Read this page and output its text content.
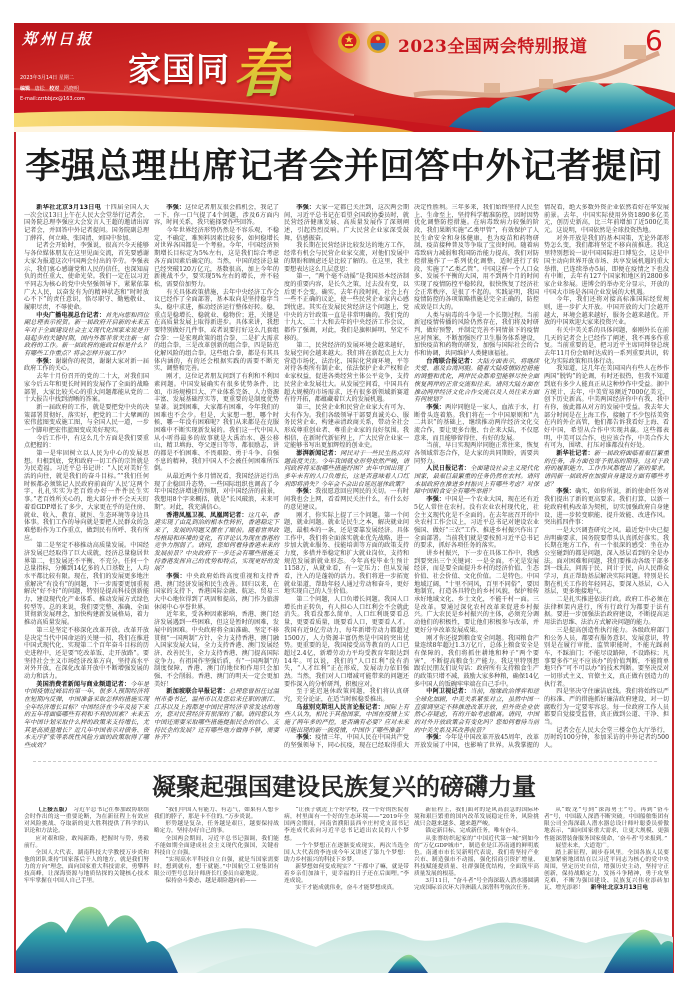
郑州日报
2023年3月14日 星期二
编辑 唐松 校对 冯晓明
E-mail:zzrbbjzx@163.com
家国同 春	2023全国两会特别报道 6
李强总理出席记者会并回答中外记者提问

新华社北京3月13日电 十四届全国人大一次会议13日上午在人民大会堂举行记者会，国务院总理李强应大会发言人王超的邀请出席记者会，并回答中外记者提问。国务院副总理丁薛祥、何立峰、张国清、刘国中参加。

记者会开始时，李强说，很高兴今天能够与各位媒体朋友在这里见面交流，首先要感谢大家为报道这次中国两会付出的辛劳。李强表示，我们衷心感谢党和人民的信任，也深知肩负的责任重大、使命光荣。我们一定在以习近平同志为核心的党中央坚强领导下，紧紧依靠广大人民，以奋发有为的精神状态和“时时放心不下”的责任意识，恪尽职守、勤勉敬业、履职尽责，不辱使命。

中央广播电视总台记者：首先向您和四位副总理表示祝贺。新一届政府开启新的未来五年对于全面建设社会主义现代化国家来说是开局起步的关键时期，国内外都非常关注新一届政府的工作。新一届政府的施政目标是什么？有哪些工作重点？将会怎样开展工作？

李强：谢谢你的祝贺，谢谢大家对新一届政府工作的关心。

去年十月份召开的党的二十大，对我们国家今后五年和更长时间的发展作了全面的战略部署，大家比较关心的重大问题都能从党的二十大报告中找到清晰的答案。

新一届政府的工作，就是要把党中央的决策部署贯彻好、落实好，把党的二十大擘画的宏伟蓝图变成施工图，与全国人民一道，一步一个脚印把宏伟蓝图变成美好现实。

今后工作中，有这么几个方面是我们要重点把握的：

第一是牢固树立以人民为中心的发展思想。归根到底，党和政府一切工作的宗旨就是为民造福。习近平总书记讲：“人民对美好生活的向往，就是我们的奋斗目标。”“我们任何时候都必须铭记人民政府前面的‘人民’这两个字，扎扎实实为老百姓办好一件件民生实事。”老百姓所关心的，绝大部分并不会天天盯着看GDP增长了多少，大家更在乎的是住房、就业、收入、教育、就医、生态环境等身边具体事。我们工作的导向就是要把人民群众的急难愁盼作为工作重点，做到民有所呼、我有所应。

第二是坚定不移推动高质量发展。中国经济发展已经取得了巨大成就，经济总量稳居世界第二，但发展还不平衡、不充分。任何一个总量指标，分摊到14亿多的人口基数上，人均水平都比较有限。现在，我们的发展更多地注重解决“有没有”的问题，下一步需要更加重视解决“好不好”的问题，特别是提高科技创新能力、建设现代化产业体系、推动发展方式绿色转型等。总的来说，我们要完整、准确、全面贯彻新发展理念，加快构建新发展格局，着力推动高质量发展。

第三是坚定不移深化改革开放。改革开放是决定当代中国命运的关键一招，我们在推进中国式现代化、实现第二个百年奋斗目标的历史进程中，还是要“吃改革饭、走开放路”。要坚持社会主义市场经济改革方向，坚持高水平对外开放，在深化改革开放中不断增强发展的动力和活力。

美国消费者新闻与商业频道记者：今年是中国疫情过峰后的第一年，很多人预期经济将在短期内反弹，中国准备采取怎样的措施实现全年经济增长目标？中国经济在今年及接下来的五年将面临哪些有利和不利的因素？未来五年中国计划采取什么样的政策来支持增长，尤其是高质量增长？近几年中国表示对债务、资本无序扩张等系统性风险方面的政策取得了哪些成效？

李强：这位记者朋友很会抓机会，我记了一下，你一口气提了4个问题，涉及6方面内容，时间关系，我只能择要作些回答。

今年世界经济形势仍然是不容乐观，不稳定、不确定、难预料因素比较多，如何稳增长对世界各国都是一个考验。今年，中国经济预期增长目标定为5%左右，这是我们综合考虑各方面因素后确定的。当然，中国的经济总量已经突破120万亿元，基数很高，加上今年的新挑战不少，要实现5%左右的增长，并不轻松，需要倍加努力。

有关具体政策措施，去年中央经济工作会议已经作了全面部署，基本取向是坚持稳字当头、稳中求进，推动经济运行整体好转。稳，重点是稳增长、稳就业、稳物价；进，关键是在高质量发展上取得新进步。具体来讲，我想要特别做好几件事，或者说要打好这么几套组合拳：一是宏观政策的组合拳，二是扩大需求的组合拳，三是改革创新的组合拳，四是防范化解风险的组合拳。这些组合拳，都是有其具体内涵的，有的还会根据实践的需要不断充实、调整和完善。

刚才，这位记者朋友问到了有利和不利因素问题。中国发展确实有很多优势条件，比如，市场规模巨大、产业体系完备、人力资源丰富、发展基础厚实等，更重要的是制度优势显著。说到困难，大家都有困难，今年我们的困难也不会少。但是，大家想一想，哪个时候、哪一年没有困难呢？我们从来都是在克服困难中不断实现新发展的。我们这一代中国人从小听得最多的故事就是大禹治水、愚公移山、精卫填海、夸父逐日等等，都很励志，讲的都是不怕困难、不畏艰险、勇于斗争、自强不息的精神，我们中国人不会被任何困难所压倒。

从最近两个多月情况看，我国经济运行出现了企稳回升态势，一些国际组织也调高了今年中国经济增速的预期，对中国经济的前景，我想用8个字来概括，就是“长风破浪，未来可期”。对此，我充满信心。

香港凤凰卫视、凤凰网记者：这几年，香港实现了由乱到治的根本性转折，香港稳定下来了，发展的问题又摆在了眼前。随着世界政经格局和环境的变化，有评论认为现在香港的竞争力削弱了。请问，您如何看待香港未来的发展前景？中央政府下一步还会有哪些措施支持香港发挥自己的优势和特点，实现更好的发展？

李强：中央政府始终高度重视和支持香港、澳门经济发展和民生改善。回归以来，在国家的支持下，香港国际金融、航运、贸易三大中心地位得到了巩固和提高，澳门作为旅游休闲中心享誉世界。

近年来，受各种因素影响，香港、澳门经济发展遇到一些困难，但这是暂时的困难，发展中的困难。中央政府将全面准确、坚定不移贯彻“一国两制”方针，全力支持香港、澳门融入国家发展大局，全力支持香港、澳门发展经济、改善民生，全力支持香港、澳门提高国际竞争力。有祖国作坚强后盾，有“一国两制”的制度保障，香港、澳门的地位和作用只会加强、不会削弱。香港、澳门的明天一定会更加美好！

新加坡联合早报记者：总理您曾担任过温州市委书记，温州市以及您后来任职的浙江、江苏以及上海都是中国民营经济非常发达的地方，您对民营经济有很深的了解。请问您认为中国还需要采取哪些措施提振民企的信心、支持民企的发展？还有哪些地方做得不够，需要补齐？

李强：大家一定都已关注到，这次两会期间，习近平总书记在看望全国政协委员时，就民营经济健康发展、高质量发展作了深刻阐述，引起热烈反响。广大民营企业家深受鼓舞，倍感振奋。

我长期在民营经济比较发达的地方工作，经常有机会与民营企业家交流，对他们发展中的期盼和顾虑还是比较了解的。在这里，我主要想表达这么几层意思：

第一，“两个毫不动摇”是我国基本经济制度的重要内容，是长久之策，过去没有变，以后更不会变。确实，去年有段时间，社会上有一些不正确的议论，使一些民营企业家内心感到忧虑。其实在发展民营经济这个问题上，党中央的方针政策一直是非常明确的。我们党的十九大、二十大和去年的中央经济工作会议，都作了强调，对此，我们是旗帜鲜明、坚定不移的。

第二，民营经济的发展环境会越来越好，发展空间会越来越大。我们将在新起点上大力营造市场化、法治化、国际化营商环境，平等对待各类所有制企业，依法保护企业产权和企业家权益，促进各类经营主体公平竞争，支持民营企业发展壮大。从发展空间看，中国具有超大规模的市场需求，还有很多新领域新赛道有待开拓，都蕴藏着巨大的发展机遇。

第三，民营企业和民营企业家大有可为、大有作为。我们各级领导干部要真诚关心、服务民营企业，构建亲清政商关系，带动全社会形成尊重创业者、尊重企业家的良好氛围。我相信，在新时代新征程上，广大民营企业家一定能够书写出更加辉煌的创业史。

澎湃新闻记者：网民对于一些民生热点问题高度关注。今年我国就业形势依然严峻，请问政府将采取哪些措施纾困？去年中国出现了多年未有的人口负增长，这是否意味着人口红利即将消失？今年会不会出台延迟退休政策？

李强：我很愿意回应网民的关切。一有时间我也会上网，看看网民关注什么，有什么好的意见建议。

刚才，你实际上提了三个问题。第一个问题，就业问题。就业是民生之本，解决就业问题，最根本的一条，还是要靠发展经济。具体工作中，我们将全面落实就业优先战略，进一步加大就业服务、技能培训等方面的政策支持力度，多措并举稳定和扩大就业岗位，支持和规范发展新就业形态。今年高校毕业生预计1158万，从就业看，有一定压力；但从发展看，注入的是蓬勃的活力。我们将进一步拓宽就业渠道，帮助年轻人通过劳动和奋斗，更好地实现自己的人生价值。

第二个问题，人口负增长问题。我国人口增长由正转负，有人担心人口红利会不会就此消失。我看没那么简单，人口红利既要看总量，更要看质量，既要看人口，更要看人才。我国有近9亿劳动力，每年新增劳动力都超过1500万，人力资源丰富仍然是中国的突出优势。更重要的是，我国接受高等教育的人口已超过2.4亿，新增劳动力平均受教育年限达到14年。可以说，我们的“人口红利”没有消失，“人才红利”正在形成，发展动力依旧强劲。当然，我们对人口增减可能带来的问题还要作深入的分析研判，积极应对。

至于延迟退休政策问题，我们将认真研究，充分论证，在适当时候稳妥推出。

乌兹别克斯坦人民言论报记者：国际上有些人认为，相比于其他国家，中国在疫情上实施了两年多的严控，是否确有必要？应对未来可能出现的新一波疫情，中国作了哪些准备？

李强：疫情三年，中国人民在中国共产党的坚强领导下，同心抗疫，现在已经取得重大决定性胜利。三年多来，我们始终坚持人民至上、生命至上，坚持科学精准防控，因时因势优化调整防控措施。在病毒致病力较强的阶段，我们果断实施“乙类甲管”，有效保护了人民生命安全和身体健康，也为疫苗和药物研制、疫苗接种普及等争取了宝贵时间。随着病毒致病力减弱和我国防治能力提高，我们对防控措施作了一系列优化调整，适时进行了转段，实施了“乙类乙管”。中国这样一个人口众多、发展不平衡的大国，用不到两个月的时间实现了疫情防控平稳转段，很快恢复了经济社会正常秩序，是很了不起的。实践证明，我国疫情防控的各项策略措施是完全正确的，防控成效是巨大的。

人类与病毒的斗争是一个长期过程。当前新冠疫情传播的风险仍然存在，我们将及时研判，做好预警，并制定完善不同情景下的疫情应对预案，不断加强医疗卫生服务体系建设，加快疫苗和药物的研发，加强与国际社会的合作和协调，共同维护人类健康福祉。

台湾联合报记者：大陆方面表示，将继续关爱、惠及台湾同胞。随着大陆疫情防控措施的调整和优化，两岸民众都希望能够尽快全面恢复两岸的正常交流和往来。请问大陆方面在推动两岸经济文化合作交流以及人员往来方面有何规划？

李强：两岸同胞是一家人，血浓于水，打断骨头连着筋。我们将在一个中国原则和“九二共识”的基础上，继续推动两岸经济文化交流合作，要让更多台胞、台企来大陆，不仅愿意来，而且能够留得住、有好的发展。

当前，早日实现两岸同胞正常往来，恢复各领域常态合作，是大家的共同期盼，需要共同努力。

人民日报记者：全面建设社会主义现代化国家，最艰巨最繁重的任务仍然在农村。请问本届政府在推进乡村振兴上有哪些考虑？对保障中国粮食安全有哪些举措？

李强：中国是一个农业大国，现在还有近5亿人常住在农村。没有农业农村现代化，社会主义现代化是不全面的。在去年底召开的中央农村工作会议上，习近平总书记对建设农业强国、做好“三农”工作、推进乡村振兴作出了全面部署。当前我们就是要按照习近平总书记的要求，抓好各项任务的落实。

讲乡村振兴，下一步在具体工作中，我感到要突出三个关键词：一是全面。不光是发展经济，而是要全面提升乡村的经济价值、生态价值、社会价值、文化价值。二是特色。中国地域辽阔，“十里不同风，百里不同俗”，要因地制宜，打造各具特色的乡村风貌，保护和传承好地域文化、乡土文化，不能千村一面。三是改革。要通过深化农村改革来促进乡村振兴。广大农民是乡村振兴的主体，必须充分调动他们的积极性，要让他们积极参与改革，并更好分享改革发展成果。

刚才你还提到粮食安全问题。我国粮食产量连续8年超过1.3万亿斤，总体上粮食安全是有保障的，我们将抓住耕地和种子“两个要害”，不断提高粮食生产能力。我这里特别想跟农民朋友们说句话：政府所有支持粮食生产的政策只增不减，鼓励大家多种粮，确保14亿多中国人的饭碗牢牢端在自己手中。

中阿卫视记者：当前，地缘政治博弈和逆全球化加剧，中美关系紧张对立，虽然中国一直强调坚定不移推进改革开放，但外资企业依然心存疑虑，有的开始考虑撤离。请问，中国的对外开放政策会有变化吗？您如何看待当前的中美关系及其改善前景？

李强：今年是中国改革开放45周年，改革开放发展了中国，也影响了世界。从我掌握的情况看，绝大多数外资企业依然看好在华发展前景。去年，中国实际使用外资1890多亿美元，创历史新高，比三年前增加了近500亿美元。这说明，中国依然是全球投资热地。

对外开放是我们的基本国策，无论外部形势怎么变，我们都将坚定不移向前推进。我这里特别想说一说中国国际进口博览会，这是中国主动向世界开放市场、共享发展机遇的重大举措，已连续举办5届，即便在疫情之下也没有中断，去年有127个国家和地区的2800多家企业参展。进博会的举办充分显示，开放的中国大市场是各国企业发展的大机遇。

今年，我们还将对接高标准国际经贸规则，进一步扩大开放。中国开放的大门会越开越大，环境会越来越好，服务会越来越优。开放的中国欢迎大家来投资兴业。

有关中美关系的具体问题，秦刚外长在前几天的记者会上已经作了阐述，我不再多作重复。当前重要的是，把习近平主席同拜登总统去年11月份会晤时达成的一系列重要共识，转化为实际政策和具体行动。

我知道，这几年在美国国内有些人在炒作两国“脱钩”的论调，有时还很热，但我不知道到底有多少人能真正从这种炒作中受益。据中方统计，去年，中美贸易额近7000亿美元，创下历史新高。中美两国经济你中有我、我中有你，彼此都从对方的发展中受益。我去年大部分时间是在上海工作，接触了不少包括美资在内的外企高管，他们都告诉我看好上海、看好中国，希望从合作中实现共赢。这些都表明，中美可以合作，也应该合作，中美合作大有可为，围堵、打压对谁都没有好处。

新华社记者：新一届政府面临着艰巨繁重的任务，各方面也寄予很高的期待，这对于政府的履职能力、工作作风都提出了新的要求。请问新一届政府在加强自身建设方面有哪些考虑？

李强：确实，如你所说，新的使命任务对我们提出了新的更高要求。我们打算，以新一轮政府机构改革为契机，切实加强政府自身建设，进一步转变职能、提升效能、改进作风。突出抓四件事：

一是大兴调查研究之风。最近党中央已提出明确要求，国务院要带头认真抓好落实。我长期在地方工作，有一个很深的感受：坐在办公室碰到的都是问题，深入基层看到的全是办法。面对困难和问题，我们要推动各级干部多到一线去，问需于民、问计于民，向人民群众学习，真正帮助基层解决实际问题。特别是长期在机关工作的年轻同志，要深入基层，心入基层，更多地接地气。

二是扎实推进依法行政。政府工作必须在法律框架内进行，所有行政行为都要于法有据。要进一步加强法治政府建设，不断提高运用法治思维、法治方式解决问题的能力。

三是提高创造性执行能力。各级政府部门和公务人员，都要有服务意识、发展意识，特别是在履行审批、监管职能时，不能光踩刹车，不踩油门；不能尽设路障，不设路标；凡事要多作“应不应该办”的价值判断，不能简单地只作“可不可以办”的技术判断。要坚决反对一切形式主义、官僚主义，真正做有创造力的执行者。

四是坚决守住廉洁底线。我们将始终以严的标准、严的措施抓好廉洁政府建设，对一切腐败行为一定要零容忍。每一位政府工作人员都要自觉接受监督，真正做到公道、干净、担当。

记者会在人民大会堂三楼金色大厅举行，历时约100分钟，参加采访的中外记者约500人。

凝聚起强国建设民族复兴的磅礴力量

（上接五版） 习近平总书记在参加政协联组会时作出的这一重要论断，为在新征程上有效应对风险挑战、夺取新的更大胜利提供了科学的认识论和方法论。

应对艰和险，敢闯新路，把握时与势，勇毅前行。

全国人大代表、湖南科技大学教授万步炎和他的团队秉持“国家落后于人的地方，就是我们努力的方向”理念，面向国家重大科技需求，勇攀科技高峰，让深海资源与地质钻探的关键核心技术牢牢掌握在中国人自己手里。

“我们中国人有能力、有志气，如果有人想卡我们的脖子，那是卡不住的。”万步炎说。

形势越是复杂，任务越是艰巨，越要保持战略定力，坚持办好自己的事。

全国两会期间，习近平总书记强调，我们能不能如期全面建成社会主义现代化强国，关键看科技自立自强。

“实现高水平科技自立自强，就是当国家需要时，想到就有，想干就能。”中国航空工业集团有限公司型号总设计师唐长红委员自豪地说。

保持奋斗姿态，越是艰险越向前——

“让孩子就近上个好学校，找一个好的医院看病，村里面有一个好的生态环境——”2019年全国两会期间，河南省濮阳县西辛庄村党支部书记李连成代表向习近平总书记道出农民的八个梦想。

一个个梦想正在逐渐变成现实，两次当选全国人大代表的李连成今年又讲述了第九个梦想：助力乡村振兴的科技下乡梦。

新梦想如何变成现实？“干都中了嘛，就是带着乡亲们加油干，更幸福的日子还在后面哩。”李连成说。

实干才能成就伟业，奋斗才能梦想成真。

新征程上，我们面对的是风高浪急的国际环境和艰巨繁重的国内改革发展稳定任务，风险挑战只会越来越多、越来越严峻。

锚定新目标，完成新任务，唯有奋斗。

从张謇纺织起家的“中国近代第一城”到如今的“万亿GDP城市”，制造业是江苏南通的鲜明底色。南通市市长吴新明代表说，我们将坚持产业兴市、制造强市不动摇，强化招商引资扩增量、科技赋能提质量、壮群强链优结构，全面筑牢高质量发展的根基。

3月11日，“奋斗者”号全海深载人潜水器圆满完成国际首次环大洋洲载人深潜科考航次任务。

从“蛟龙”号到“深海勇士”号，再到“奋斗者”号，中国载人深潜不断突破。中国船舶集团有限公司全海深载人潜水器总设计师叶聪委员骄傲地表示，“面向国家重大需求，让更大规模、更强性能深潜装备服务国家使命，‘奋斗者’号来报到。”

展望未来，大道宽广。

踏上新征程，阔步春风里。全国各族人民要更加紧密地团结在以习近平同志为核心的党中央周围，坚定历史自信，增强历史主动，坚持守正创新，保持战略定力，发扬斗争精神，勇于攻坚克难，不断为强国建设、民族复兴伟业添砖加瓦、增光添彩！ 新华社北京3月13日电
